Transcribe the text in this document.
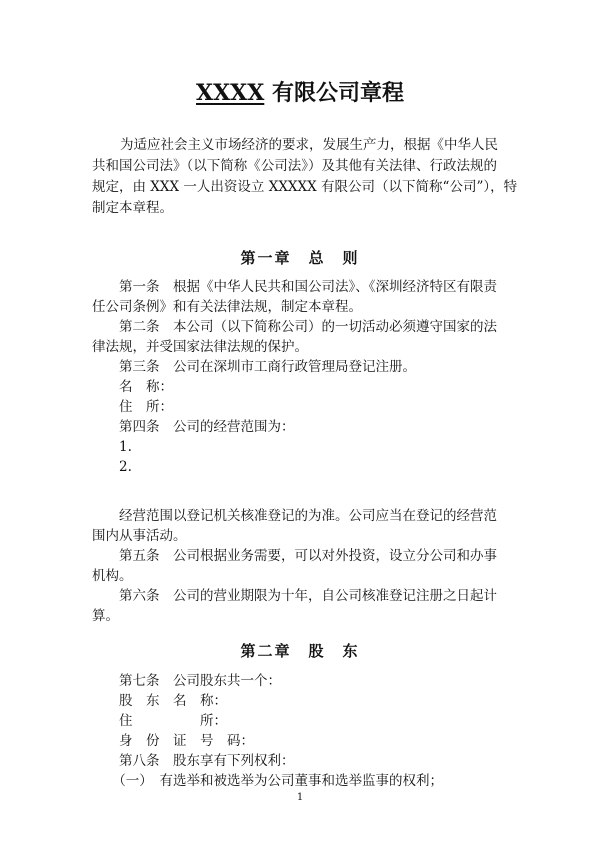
XXXX 有限公司章程
为适应社会主义市场经济的要求，发展生产力，根据《中华人民
共和国公司法》（以下简称《公司法》）及其他有关法律、行政法规的
规定，由 XXX 一人出资设立 XXXXX 有限公司（以下简称“公司”），特
制定本章程。
第一章　总　则
　　第一条　根据《中华人民共和国公司法》、《深圳经济特区有限责
任公司条例》和有关法律法规，制定本章程。
　　第二条　本公司（以下简称公司）的一切活动必须遵守国家的法
律法规，并受国家法律法规的保护。
　　第三条　公司在深圳市工商行政管理局登记注册。
　　名　称：
　　住　所：
　　第四条　公司的经营范围为：
　　1.
　　2.
　　经营范围以登记机关核准登记的为准。公司应当在登记的经营范
围内从事活动。
　　第五条　公司根据业务需要，可以对外投资，设立分公司和办事
机构。
　　第六条　公司的营业期限为十年，自公司核准登记注册之日起计
算。
第二章　股　东
　　第七条　公司股东共一个：
　　股　东　名　称：
　　住　　　　　所：
　　身　份　证　号　码：
　　第八条　股东享有下列权利：
　　（一）　有选举和被选举为公司董事和选举监事的权利；
1
